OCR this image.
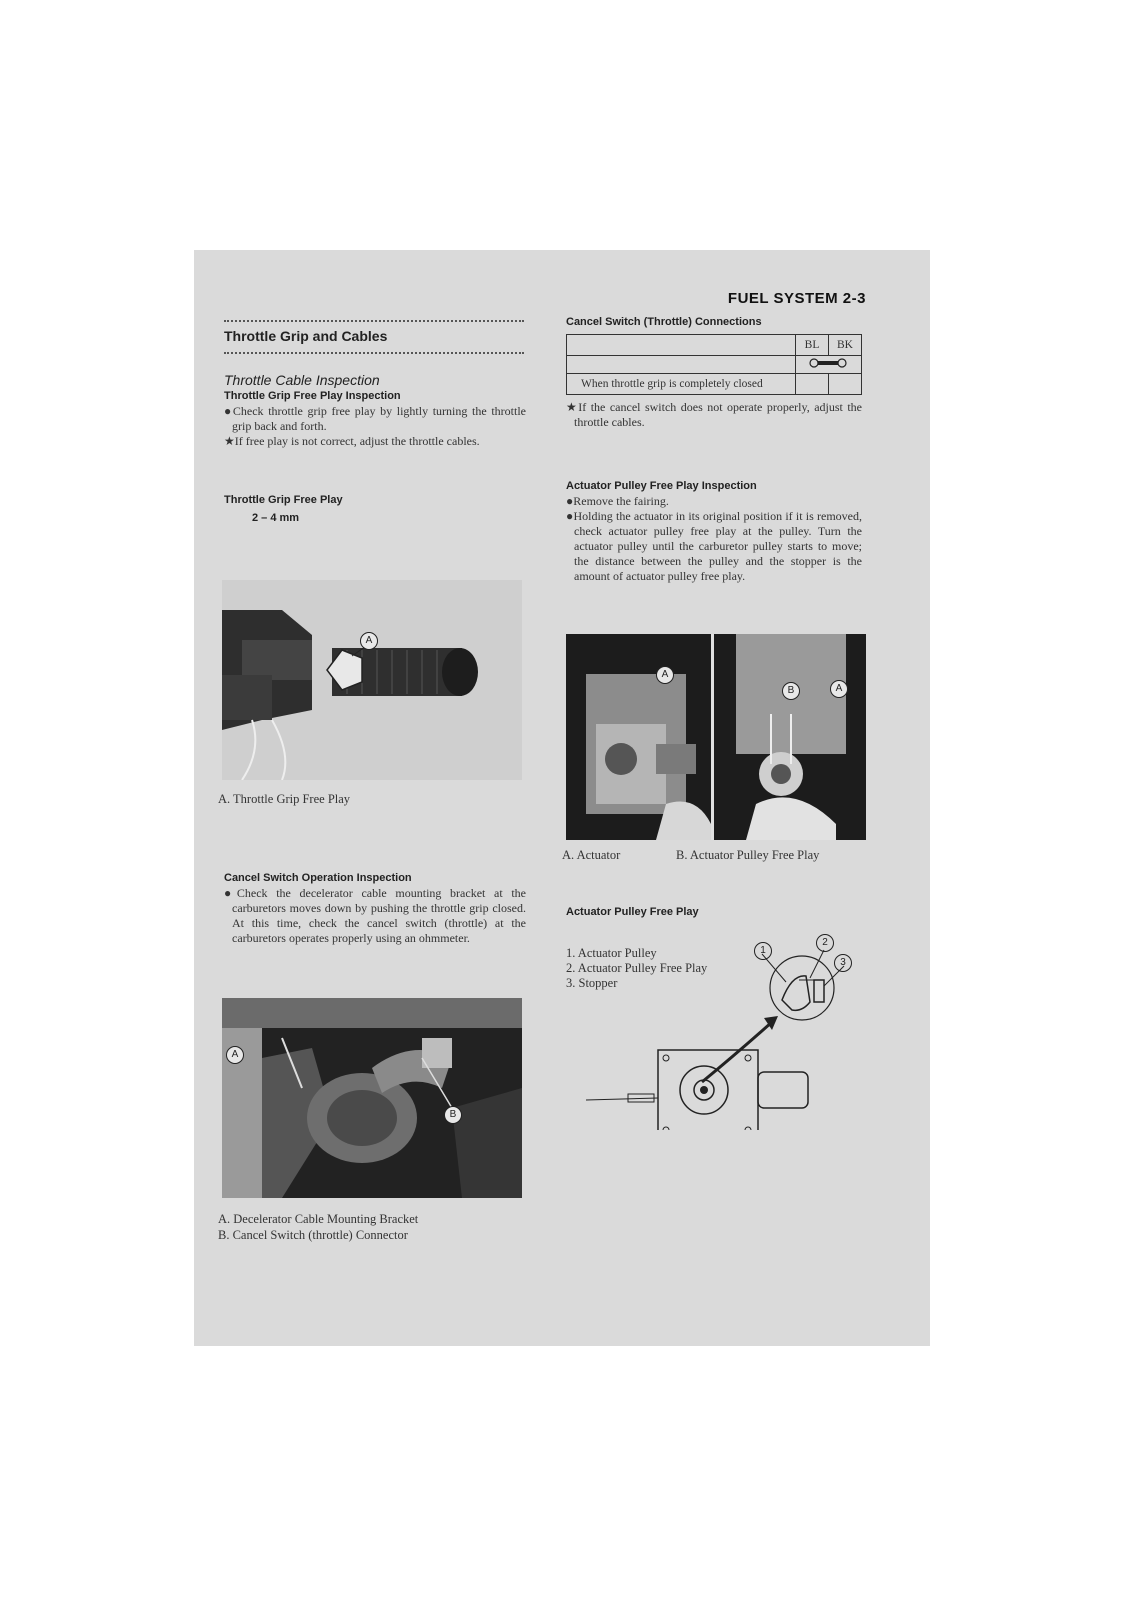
FUEL SYSTEM 2-3
Throttle Grip and Cables
Throttle Cable Inspection
Throttle Grip Free Play Inspection

●Check throttle grip free play by lightly turning the throttle grip back and forth.

★If free play is not correct, adjust the throttle cables.

Throttle Grip Free Play
2 – 4 mm
A
A. Throttle Grip Free Play
Cancel Switch Operation Inspection

●Check the decelerator cable mounting bracket at the carburetors moves down by pushing the throttle grip closed. At this time, check the cancel switch (throttle) at the carburetors operates properly using an ohmmeter.

A
B
A. Decelerator Cable Mounting Bracket
B. Cancel Switch (throttle) Connector
Cancel Switch (Throttle) Connections
	BL	BK

When throttle grip is completely closed		

★If the cancel switch does not operate properly, adjust the throttle cables.

Actuator Pulley Free Play Inspection

●Remove the fairing.

●Holding the actuator in its original position if it is removed, check actuator pulley free play at the pulley. Turn the actuator pulley until the carburetor pulley starts to move; the distance between the pulley and the stopper is the amount of actuator pulley free play.

A
B	A
A. Actuator	B. Actuator Pulley Free Play
Actuator Pulley Free Play
1. Actuator Pulley
2. Actuator Pulley Free Play
3. Stopper
1
2
3
